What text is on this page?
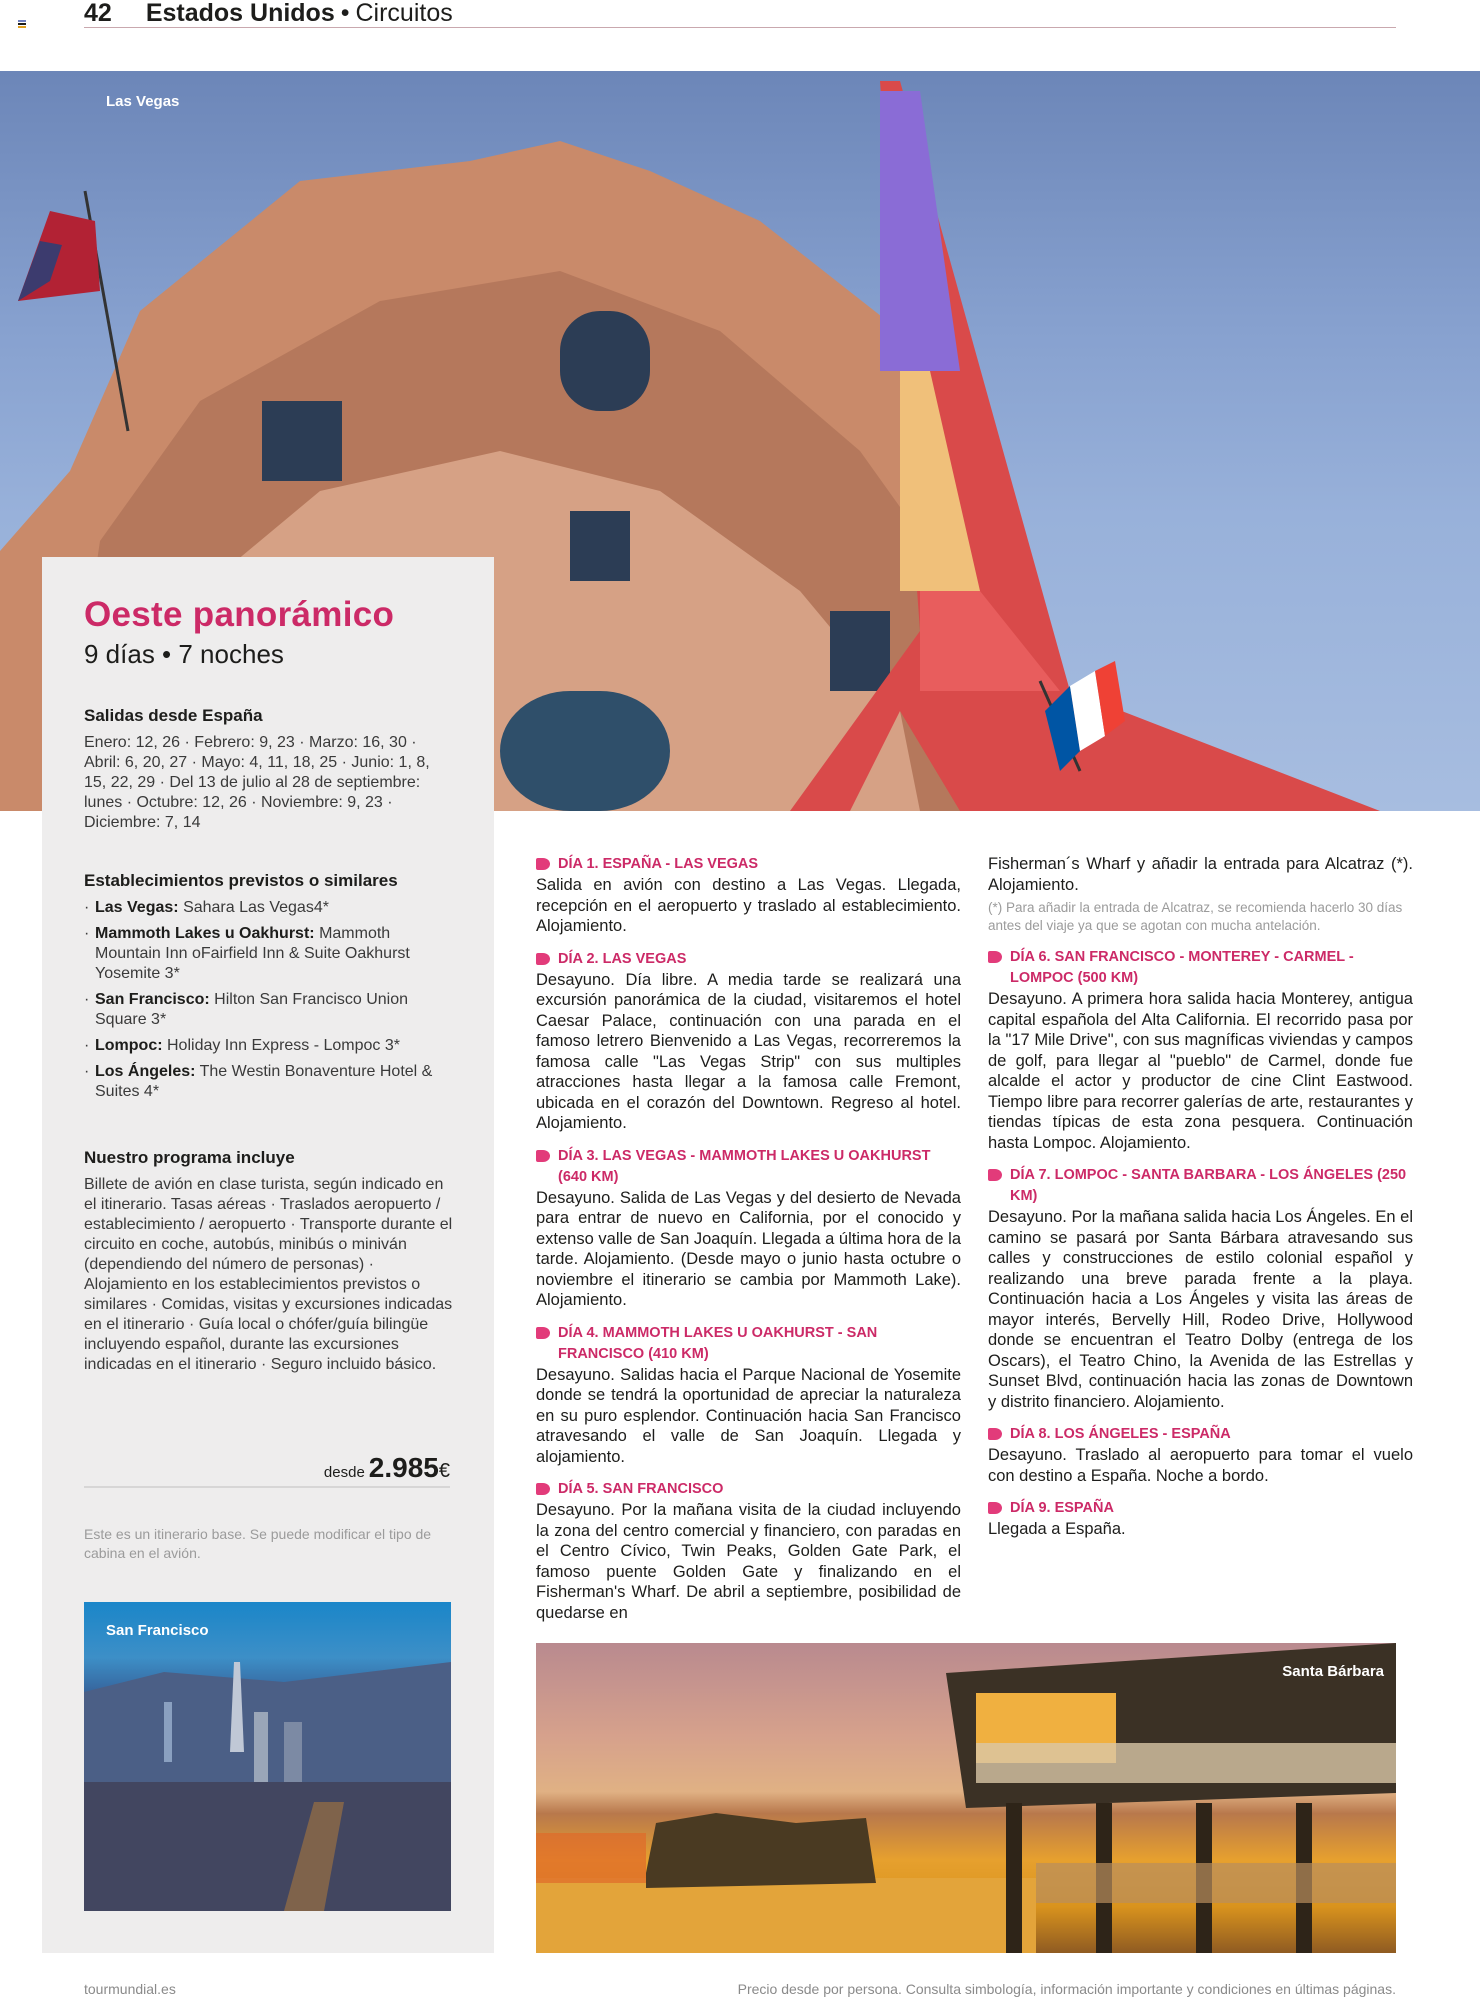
42 Estados Unidos • Circuitos
Las Vegas
Oeste panorámico
9 días • 7 noches
Salidas desde España
Enero: 12, 26 · Febrero: 9, 23 · Marzo: 16, 30 · Abril: 6, 20, 27 · Mayo: 4, 11, 18, 25 · Junio: 1, 8, 15, 22, 29 · Del 13 de julio al 28 de septiembre: lunes · Octubre: 12, 26 · Noviembre: 9, 23 · Diciembre: 7, 14
Establecimientos previstos o similares
· Las Vegas: Sahara Las Vegas4*
· Mammoth Lakes u Oakhurst: Mammoth Mountain Inn oFairfield Inn & Suite Oakhurst Yosemite 3*
· San Francisco: Hilton San Francisco Union Square 3*
· Lompoc: Holiday Inn Express - Lompoc 3*
· Los Ángeles: The Westin Bonaventure Hotel & Suites 4*
Nuestro programa incluye
Billete de avión en clase turista, según indicado en el itinerario. Tasas aéreas · Traslados aeropuerto / establecimiento / aeropuerto · Transporte durante el circuito en coche, autobús, minibús o miniván (dependiendo del número de personas) · Alojamiento en los establecimientos previstos o similares · Comidas, visitas y excursiones indicadas en el itinerario · Guía local o chófer/guía bilingüe incluyendo español, durante las excursiones indicadas en el itinerario · Seguro incluido básico.
desde 2.985€
Este es un itinerario base. Se puede modificar el tipo de cabina en el avión.
San Francisco
DÍA 1. ESPAÑA - LAS VEGAS
Salida en avión con destino a Las Vegas. Llegada, recepción en el aeropuerto y traslado al establecimiento. Alojamiento.
DÍA 2. LAS VEGAS
Desayuno. Día libre. A media tarde se realizará una excursión panorámica de la ciudad, visitaremos el hotel Caesar Palace, continuación con una parada en el famoso letrero Bienvenido a Las Vegas, recorreremos la famosa calle "Las Vegas Strip" con sus multiples atracciones hasta llegar a la famosa calle Fremont, ubicada en el corazón del Downtown. Regreso al hotel. Alojamiento.
DÍA 3. LAS VEGAS - MAMMOTH LAKES U OAKHURST (640 KM)
Desayuno. Salida de Las Vegas y del desierto de Nevada para entrar de nuevo en California, por el conocido y extenso valle de San Joaquín. Llegada a última hora de la tarde. Alojamiento. (Desde mayo o junio hasta octubre o noviembre el itinerario se cambia por Mammoth Lake). Alojamiento.
DÍA 4. MAMMOTH LAKES U OAKHURST - SAN FRANCISCO (410 KM)
Desayuno. Salidas hacia el Parque Nacional de Yosemite donde se tendrá la oportunidad de apreciar la naturaleza en su puro esplendor. Continuación hacia San Francisco atravesando el valle de San Joaquín. Llegada y alojamiento.
DÍA 5. SAN FRANCISCO
Desayuno. Por la mañana visita de la ciudad incluyendo la zona del centro comercial y financiero, con paradas en el Centro Cívico, Twin Peaks, Golden Gate Park, el famoso puente Golden Gate y finalizando en el Fisherman's Wharf. De abril a septiembre, posibilidad de quedarse en
Fisherman´s Wharf y añadir la entrada para Alcatraz (*). Alojamiento.
(*) Para añadir la entrada de Alcatraz, se recomienda hacerlo 30 días antes del viaje ya que se agotan con mucha antelación.
DÍA 6. SAN FRANCISCO - MONTEREY - CARMEL - LOMPOC (500 KM)
Desayuno. A primera hora salida hacia Monterey, antigua capital española del Alta California. El recorrido pasa por la "17 Mile Drive", con sus magníficas viviendas y campos de golf, para llegar al "pueblo" de Carmel, donde fue alcalde el actor y productor de cine Clint Eastwood. Tiempo libre para recorrer galerías de arte, restaurantes y tiendas típicas de esta zona pesquera. Continuación hasta Lompoc. Alojamiento.
DÍA 7. LOMPOC - SANTA BARBARA - LOS ÁNGELES (250 KM)
Desayuno. Por la mañana salida hacia Los Ángeles. En el camino se pasará por Santa Bárbara atravesando sus calles y construcciones de estilo colonial español y realizando una breve parada frente a la playa. Continuación hacia a Los Ángeles y visita las áreas de mayor interés, Bervelly Hill, Rodeo Drive, Hollywood donde se encuentran el Teatro Dolby (entrega de los Oscars), el Teatro Chino, la Avenida de las Estrellas y Sunset Blvd, continuación hacia las zonas de Downtown y distrito financiero. Alojamiento.
DÍA 8. LOS ÁNGELES - ESPAÑA
Desayuno. Traslado al aeropuerto para tomar el vuelo con destino a España. Noche a bordo.
DÍA 9. ESPAÑA
Llegada a España.
Santa Bárbara
tourmundial.es	Precio desde por persona. Consulta simbología, información importante y condiciones en últimas páginas.
